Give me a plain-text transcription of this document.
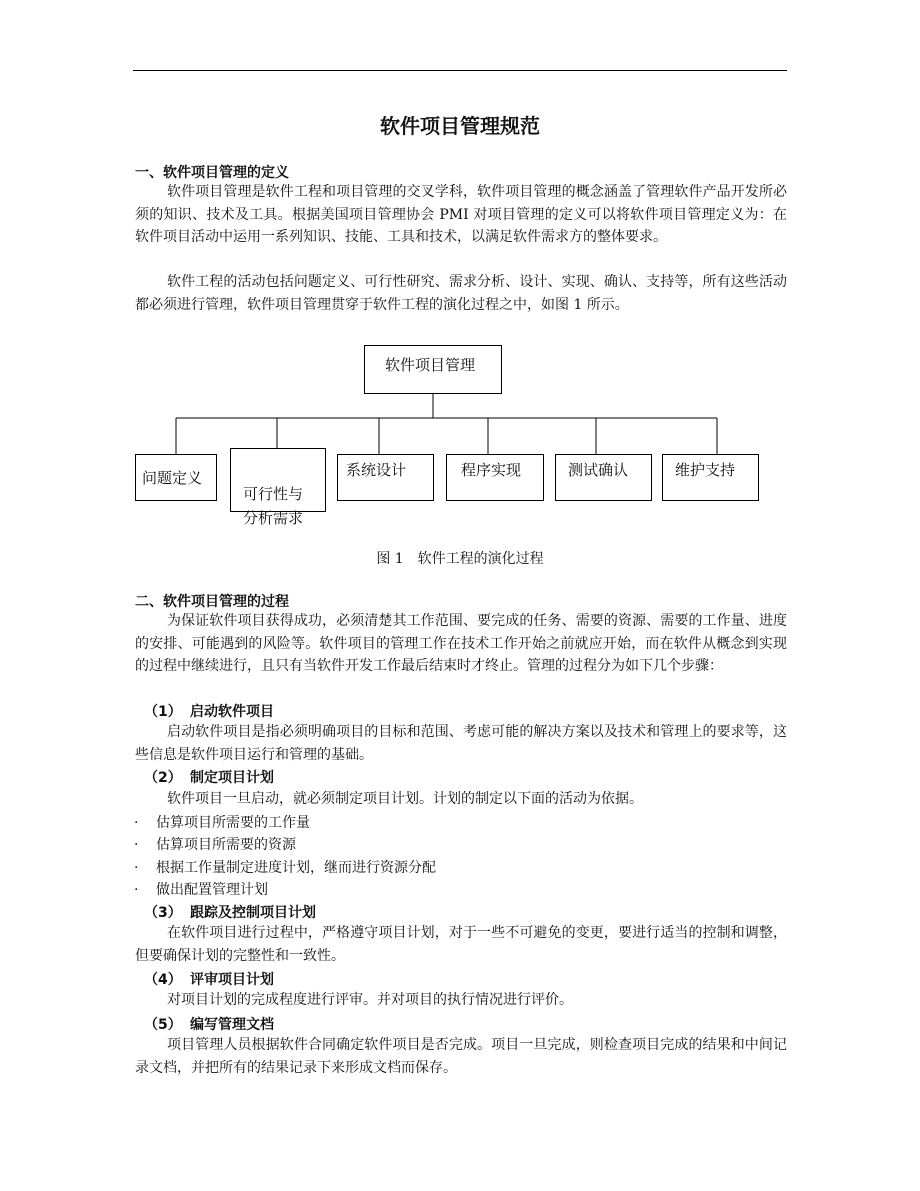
软件项目管理规范
一、软件项目管理的定义
软件项目管理是软件工程和项目管理的交叉学科，软件项目管理的概念涵盖了管理软件产品开发所必须的知识、技术及工具。根据美国项目管理协会 PMI 对项目管理的定义可以将软件项目管理定义为：在软件项目活动中运用一系列知识、技能、工具和技术，以满足软件需求方的整体要求。
软件工程的活动包括问题定义、可行性研究、需求分析、设计、实现、确认、支持等，所有这些活动都必须进行管理，软件项目管理贯穿于软件工程的演化过程之中，如图 1 所示。
软件项目管理
问题定义

可行性与
分析需求

系统设计	程序实现	测试确认	维护支持
图 1　软件工程的演化过程
二、软件项目管理的过程
为保证软件项目获得成功，必须清楚其工作范围、要完成的任务、需要的资源、需要的工作量、进度的安排、可能遇到的风险等。软件项目的管理工作在技术工作开始之前就应开始，而在软件从概念到实现的过程中继续进行，且只有当软件开发工作最后结束时才终止。管理的过程分为如下几个步骤：
（1） 启动软件项目
启动软件项目是指必须明确项目的目标和范围、考虑可能的解决方案以及技术和管理上的要求等，这些信息是软件项目运行和管理的基础。
（2） 制定项目计划
软件项目一旦启动，就必须制定项目计划。计划的制定以下面的活动为依据。
· 估算项目所需要的工作量
· 估算项目所需要的资源
· 根据工作量制定进度计划，继而进行资源分配
· 做出配置管理计划
（3） 跟踪及控制项目计划
在软件项目进行过程中，严格遵守项目计划，对于一些不可避免的变更，要进行适当的控制和调整，但要确保计划的完整性和一致性。
（4） 评审项目计划
对项目计划的完成程度进行评审。并对项目的执行情况进行评价。
（5） 编写管理文档
项目管理人员根据软件合同确定软件项目是否完成。项目一旦完成，则检查项目完成的结果和中间记录文档，并把所有的结果记录下来形成文档而保存。
